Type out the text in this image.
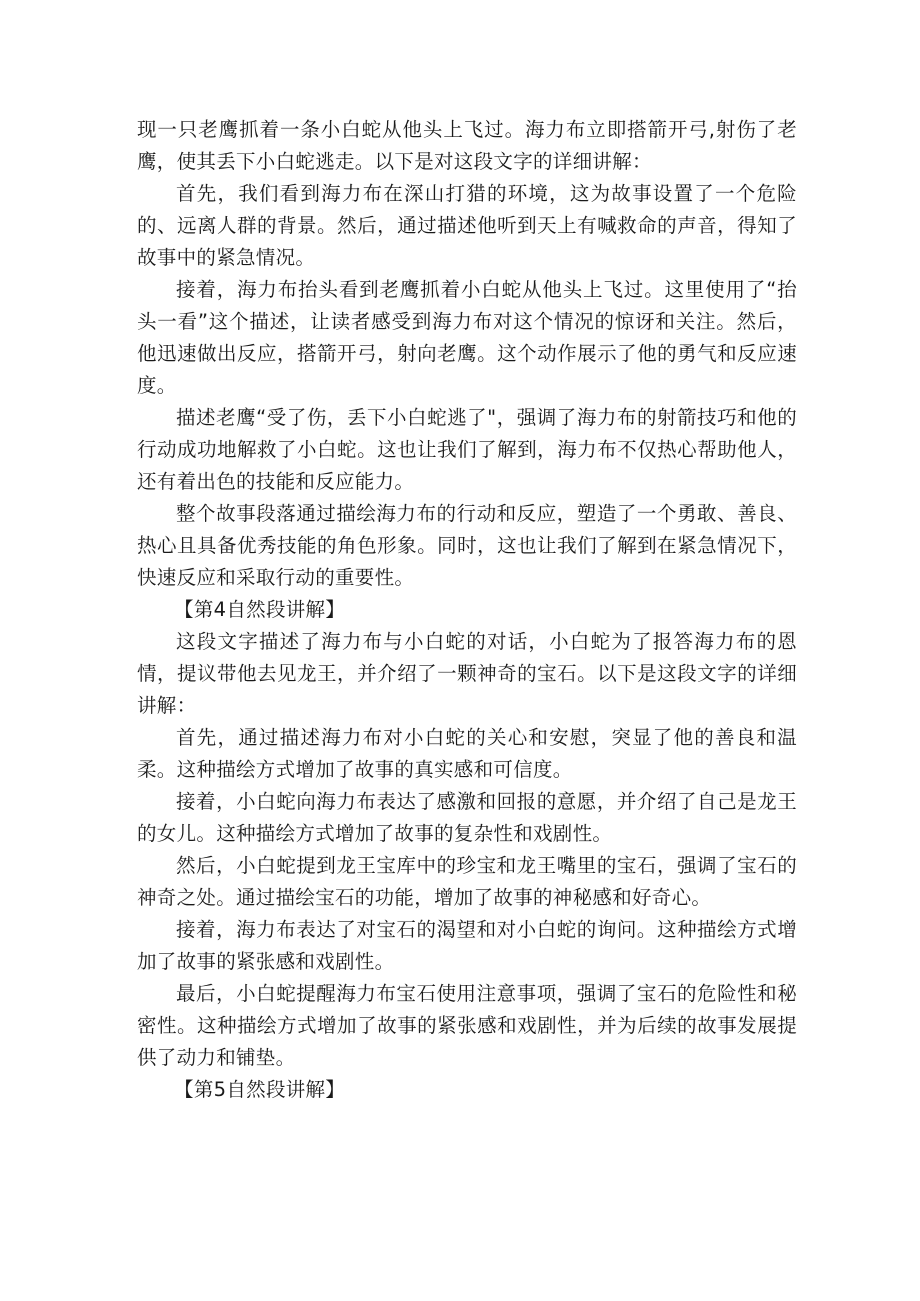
现一只老鹰抓着一条小白蛇从他头上飞过。海力布立即搭箭开弓,射伤了老鹰，使其丢下小白蛇逃走。以下是对这段文字的详细讲解：

首先，我们看到海力布在深山打猎的环境，这为故事设置了一个危险的、远离人群的背景。然后，通过描述他听到天上有喊救命的声音，得知了故事中的紧急情况。

接着，海力布抬头看到老鹰抓着小白蛇从他头上飞过。这里使用了“抬头一看”这个描述，让读者感受到海力布对这个情况的惊讶和关注。然后，他迅速做出反应，搭箭开弓，射向老鹰。这个动作展示了他的勇气和反应速度。

描述老鹰“受了伤，丢下小白蛇逃了"，强调了海力布的射箭技巧和他的行动成功地解救了小白蛇。这也让我们了解到，海力布不仅热心帮助他人，还有着出色的技能和反应能力。

整个故事段落通过描绘海力布的行动和反应，塑造了一个勇敢、善良、热心且具备优秀技能的角色形象。同时，这也让我们了解到在紧急情况下，快速反应和采取行动的重要性。

【第4自然段讲解】

这段文字描述了海力布与小白蛇的对话，小白蛇为了报答海力布的恩情，提议带他去见龙王，并介绍了一颗神奇的宝石。以下是这段文字的详细讲解：

首先，通过描述海力布对小白蛇的关心和安慰，突显了他的善良和温柔。这种描绘方式增加了故事的真实感和可信度。

接着，小白蛇向海力布表达了感激和回报的意愿，并介绍了自己是龙王的女儿。这种描绘方式增加了故事的复杂性和戏剧性。

然后，小白蛇提到龙王宝库中的珍宝和龙王嘴里的宝石，强调了宝石的神奇之处。通过描绘宝石的功能，增加了故事的神秘感和好奇心。

接着，海力布表达了对宝石的渴望和对小白蛇的询问。这种描绘方式增加了故事的紧张感和戏剧性。

最后，小白蛇提醒海力布宝石使用注意事项，强调了宝石的危险性和秘密性。这种描绘方式增加了故事的紧张感和戏剧性，并为后续的故事发展提供了动力和铺垫。

【第5自然段讲解】
